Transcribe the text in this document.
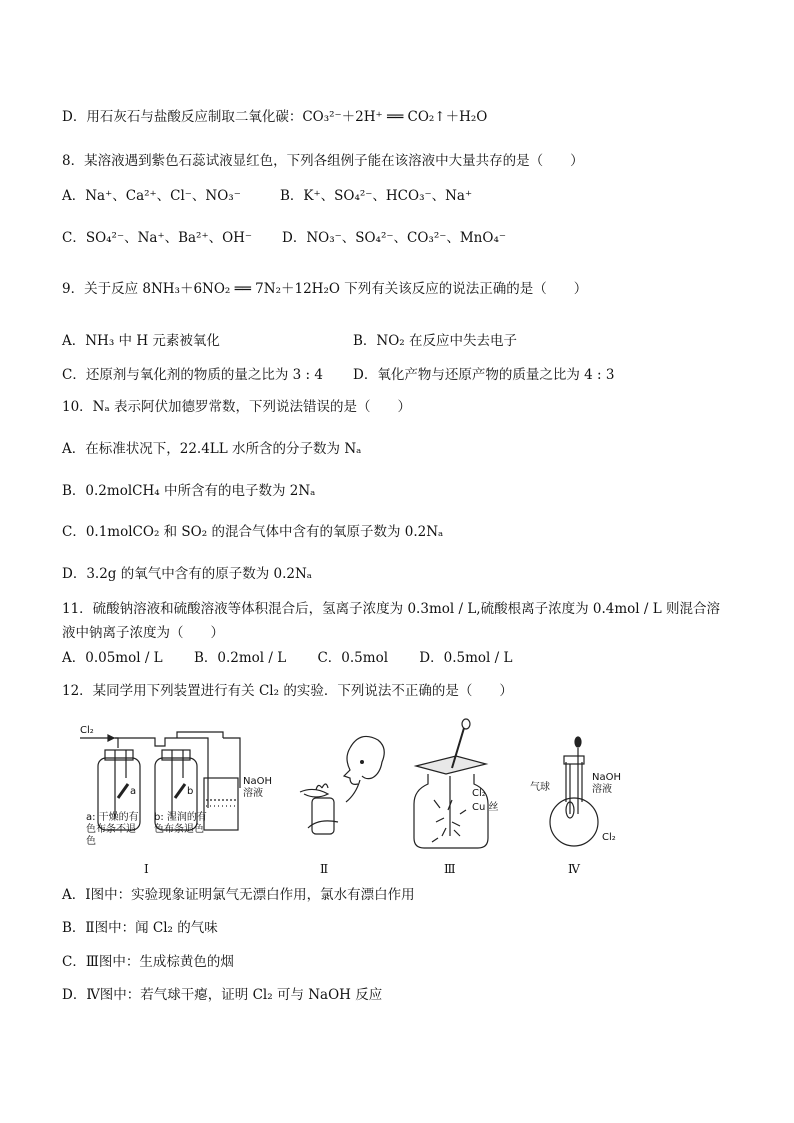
D．用石灰石与盐酸反应制取二氧化碳：CO₃²⁻＋2H⁺ ══ CO₂↑＋H₂O
8．某溶液遇到紫色石蕊试液显红色，下列各组例子能在该溶液中大量共存的是（　　）
A．Na⁺、Ca²⁺、Cl⁻、NO₃⁻	B．K⁺、SO₄²⁻、HCO₃⁻、Na⁺
C．SO₄²⁻、Na⁺、Ba²⁺、OH⁻ D．NO₃⁻、SO₄²⁻、CO₃²⁻、MnO₄⁻
9．关于反应 8NH₃＋6NO₂ ══ 7N₂＋12H₂O 下列有关该反应的说法正确的是（　　）
A．NH₃ 中 H 元素被氧化	B．NO₂ 在反应中失去电子
C．还原剂与氧化剂的物质的量之比为 3 : 4 D．氧化产物与还原产物的质量之比为 4 : 3
10．Nₐ 表示阿伏加德罗常数，下列说法错误的是（　　）
A．在标准状况下，22.4LL 水所含的分子数为 Nₐ
B．0.2molCH₄ 中所含有的电子数为 2Nₐ
C．0.1molCO₂ 和 SO₂ 的混合气体中含有的氧原子数为 0.2Nₐ
D．3.2g 的氧气中含有的原子数为 0.2Nₐ
11．硫酸钠溶液和硫酸溶液等体积混合后，氢离子浓度为 0.3mol / L,硫酸根离子浓度为 0.4mol / L 则混合溶
液中钠离子浓度为（　　）
A．0.05mol / L　　 B．0.2mol / L　　 C．0.5mol　　 D．0.5mol / L
12．某同学用下列装置进行有关 Cl₂ 的实验．下列说法不正确的是（　　）
Cl₂
a	b
NaOH
溶液
a: 干燥的有
色布条不退
色
b: 湿润的有
色布条退色
Ⅰ	Ⅱ
Cl₂
Cu 丝
Ⅲ
气球
NaOH
溶液
Cl₂
Ⅳ
A．Ⅰ图中：实验现象证明氯气无漂白作用，氯水有漂白作用
B．Ⅱ图中：闻 Cl₂ 的气味
C．Ⅲ图中：生成棕黄色的烟
D．Ⅳ图中：若气球干瘪，证明 Cl₂ 可与 NaOH 反应
